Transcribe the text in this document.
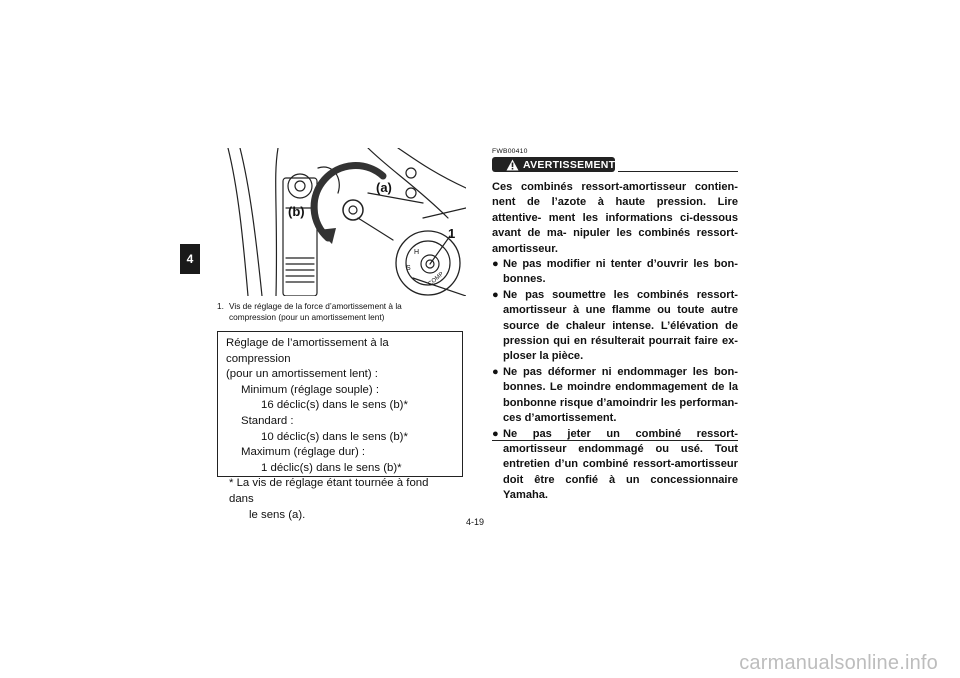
4
(a)
(b)
1
H
S
COMP
1. Vis de réglage de la force d’amortissement à la
compression (pour un amortissement lent)
Réglage de l’amortissement à la compression
(pour un amortissement lent) :
Minimum (réglage souple) :
16 déclic(s) dans le sens (b)*
Standard :
10 déclic(s) dans le sens (b)*
Maximum (réglage dur) :
1 déclic(s) dans le sens (b)*
* La vis de réglage étant tournée à fond dans
le sens (a).
FWB00410
AVERTISSEMENT

Ces combinés ressort-amortisseur contien- nent de l’azote à haute pression. Lire attentive- ment les informations ci-dessous avant de ma- nipuler les combinés ressort-amortisseur.

● Ne pas modifier ni tenter d’ouvrir les bon- bonnes.
● Ne pas soumettre les combinés ressort- amortisseur à une flamme ou toute autre source de chaleur intense. L’élévation de pression qui en résulterait pourrait faire ex- ploser la pièce.
● Ne pas déformer ni endommager les bon- bonnes. Le moindre endommagement de la bonbonne risque d’amoindrir les performan- ces d’amortissement.
● Ne pas jeter un combiné ressort-amortisseur endommagé ou usé. Tout entretien d’un combiné ressort-amortisseur doit être confié à un concessionnaire Yamaha.
4-19
carmanualsonline.info
